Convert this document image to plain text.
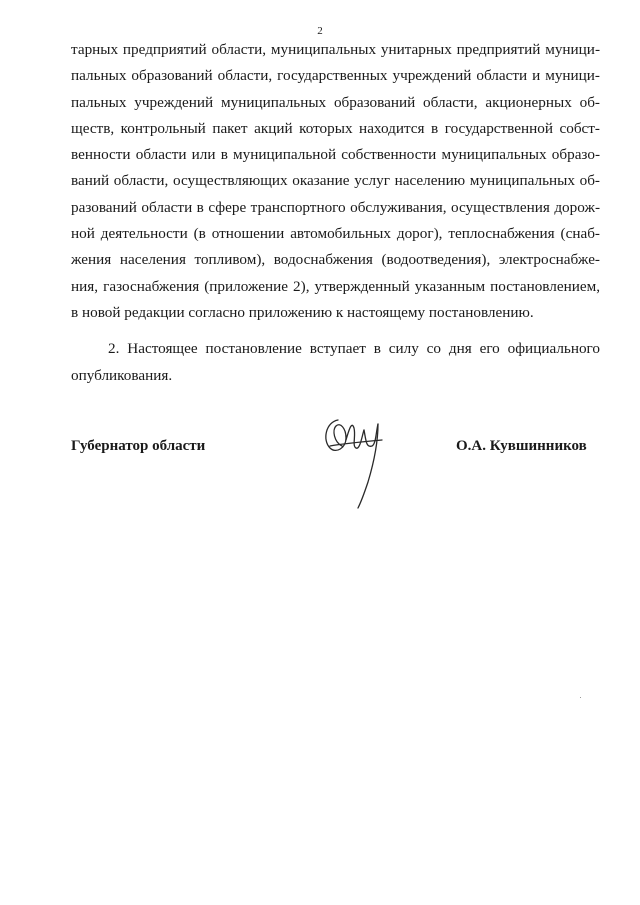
2
тарных предприятий области, муниципальных унитарных предприятий муници-
пальных образований области, государственных учреждений области и муници-
пальных учреждений муниципальных образований области, акционерных об-
ществ, контрольный пакет акций которых находится в государственной собст-
венности области или в муниципальной собственности муниципальных образо-
ваний области, осуществляющих оказание услуг населению муниципальных об-
разований области в сфере транспортного обслуживания, осуществления дорож-
ной деятельности (в отношении автомобильных дорог), теплоснабжения (снаб-
жения населения топливом), водоснабжения (водоотведения), электроснабже-
ния, газоснабжения (приложение 2), утвержденный указанным постановлением,
в новой редакции согласно приложению к настоящему постановлению.
2. Настоящее постановление вступает в силу со дня его официального
опубликования.
Губернатор области	О.А. Кувшинников
